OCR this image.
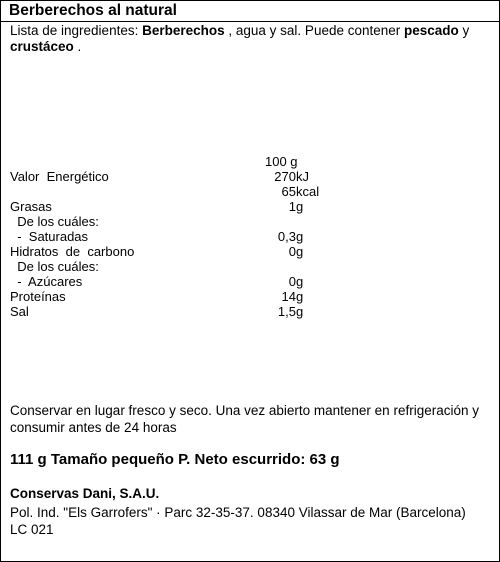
Berberechos al natural
Lista de ingredientes: Berberechos , agua y sal. Puede contener pescado y crustáceo .
100 g
Valor  Energético	270 kJ
65 kcal
Grasas	1 g
De los cuáles:
-  Saturadas	0,3 g
Hidratos  de  carbono	0 g
De los cuáles:
-  Azúcares	0 g
Proteínas	14 g
Sal	1,5 g
Conservar en lugar fresco y seco. Una vez abierto mantener en refrigeración y consumir antes de 24 horas
111 g Tamaño pequeño P. Neto escurrido: 63 g
Conservas Dani, S.A.U.
Pol. Ind. "Els Garrofers" · Parc 32-35-37. 08340 Vilassar de Mar (Barcelona)
LC 021
